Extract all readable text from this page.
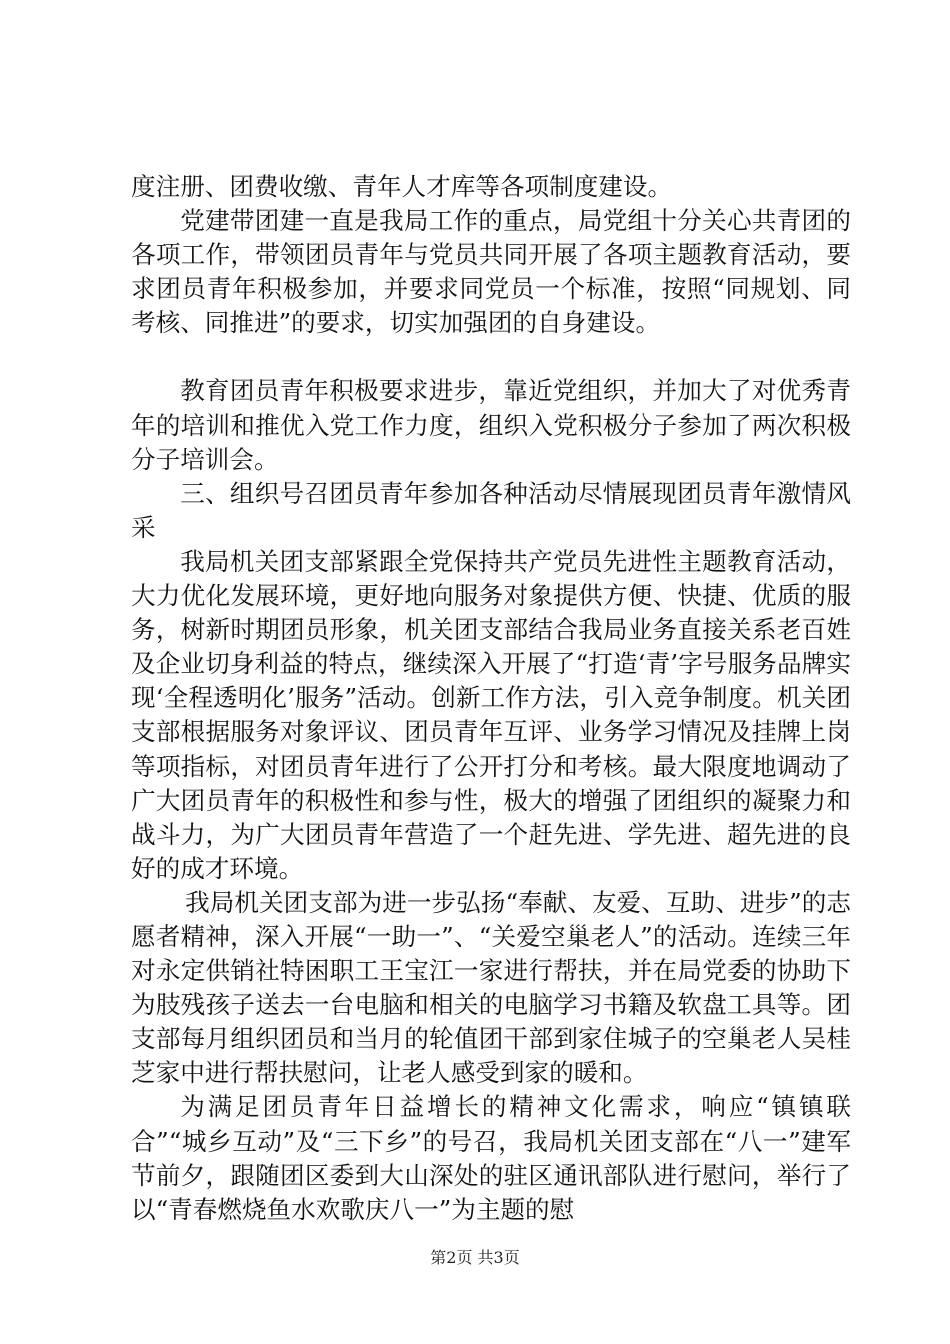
度注册、团费收缴、青年人才库等各项制度建设。

党建带团建一直是我局工作的重点，局党组十分关心共青团的各项工作，带领团员青年与党员共同开展了各项主题教育活动，要求团员青年积极参加，并要求同党员一个标准，按照“同规划、同考核、同推进”的要求，切实加强团的自身建设。

教育团员青年积极要求进步，靠近党组织，并加大了对优秀青年的培训和推优入党工作力度，组织入党积极分子参加了两次积极分子培训会。

三、组织号召团员青年参加各种活动尽情展现团员青年激情风采

我局机关团支部紧跟全党保持共产党员先进性主题教育活动，大力优化发展环境，更好地向服务对象提供方便、快捷、优质的服务，树新时期团员形象，机关团支部结合我局业务直接关系老百姓及企业切身利益的特点，继续深入开展了“打造‘青’字号服务品牌实现‘全程透明化’服务”活动。创新工作方法，引入竞争制度。机关团支部根据服务对象评议、团员青年互评、业务学习情况及挂牌上岗等项指标，对团员青年进行了公开打分和考核。最大限度地调动了广大团员青年的积极性和参与性，极大的增强了团组织的凝聚力和战斗力，为广大团员青年营造了一个赶先进、学先进、超先进的良好的成才环境。

我局机关团支部为进一步弘扬“奉献、友爱、互助、进步”的志愿者精神，深入开展“一助一”、“关爱空巢老人”的活动。连续三年对永定供销社特困职工王宝江一家进行帮扶，并在局党委的协助下为肢残孩子送去一台电脑和相关的电脑学习书籍及软盘工具等。团支部每月组织团员和当月的轮值团干部到家住城子的空巢老人吴桂芝家中进行帮扶慰问，让老人感受到家的暖和。

为满足团员青年日益增长的精神文化需求，响应“镇镇联合”“城乡互动”及“三下乡”的号召，我局机关团支部在“八一”建军节前夕，跟随团区委到大山深处的驻区通讯部队进行慰问，举行了以“青春燃烧鱼水欢歌庆八一”为主题的慰

第2页 共3页
